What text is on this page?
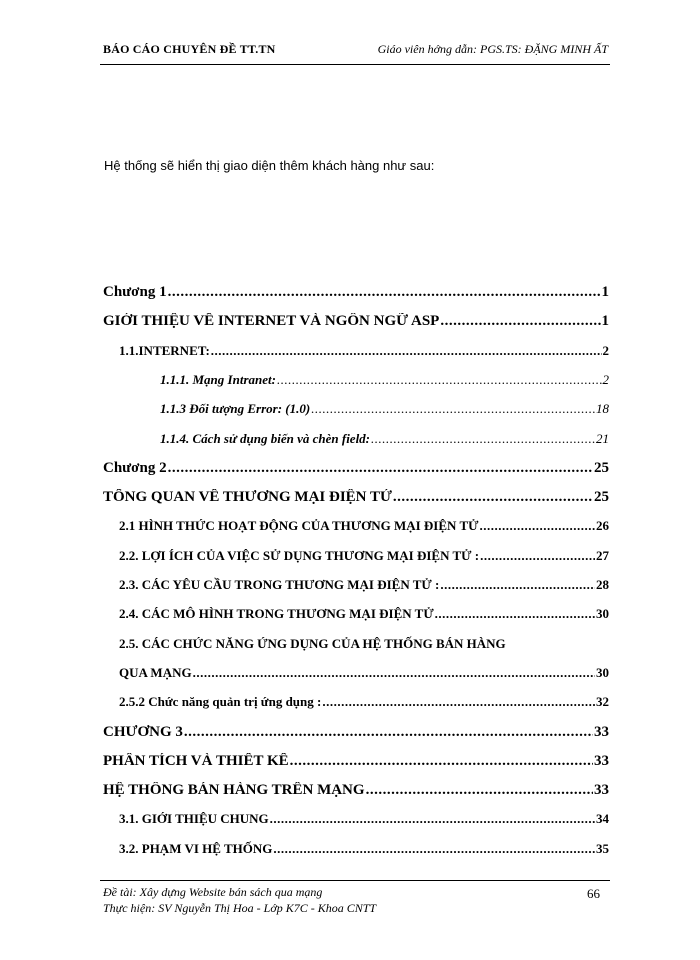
BÁO CÁO CHUYÊN ĐỀ TT.TN	Giáo viên hớng dẫn: PGS.TS: ĐẶNG MINH ẤT
Hệ thống sẽ hiển thị giao diện thêm khách hàng như sau:
Chương 1 .....	1
GIỚI THIỆU VỀ INTERNET VÀ NGÔN NGỮ ASP .....	1
1.1.INTERNET: .....	2
1.1.1. Mạng Intranet: .....	2
1.1.3 Đối tượng Error: (1.0) .....	18
1.1.4. Cách sử dụng biến và chèn field: .....	21
Chương 2 .....	25
TỔNG QUAN VỀ THƯƠNG MẠI ĐIỆN TỬ .....	25
2.1 HÌNH THỨC HOẠT ĐỘNG CỦA THƯƠNG MẠI ĐIỆN TỬ .....	26
2.2. LỢI ÍCH CỦA VIỆC SỬ DỤNG THƯƠNG MẠI ĐIỆN TỬ : .....	27
2.3. CÁC YÊU CẦU TRONG THƯƠNG MẠI ĐIỆN TỬ : .....	28
2.4. CÁC MÔ HÌNH TRONG THƯƠNG MẠI ĐIỆN TỬ .....	30
2.5. CÁC CHỨC NĂNG ỨNG DỤNG CỦA HỆ THỐNG BÁN HÀNG
QUA MẠNG .....	30
2.5.2 Chức năng quản trị ứng dụng : .....	32
CHƯƠNG 3 .....	33
PHÂN TÍCH VÀ THIẾT KẾ .....	33
HỆ THỐNG BÁN HÀNG TRÊN MẠNG .....	33
3.1. GIỚI THIỆU CHUNG .....	34
3.2. PHẠM VI HỆ THỐNG .....	35
Đề tài: Xây dựng Website bán sách qua mạng
Thực hiện: SV Nguyễn Thị Hoa - Lớp K7C - Khoa CNTT
66
